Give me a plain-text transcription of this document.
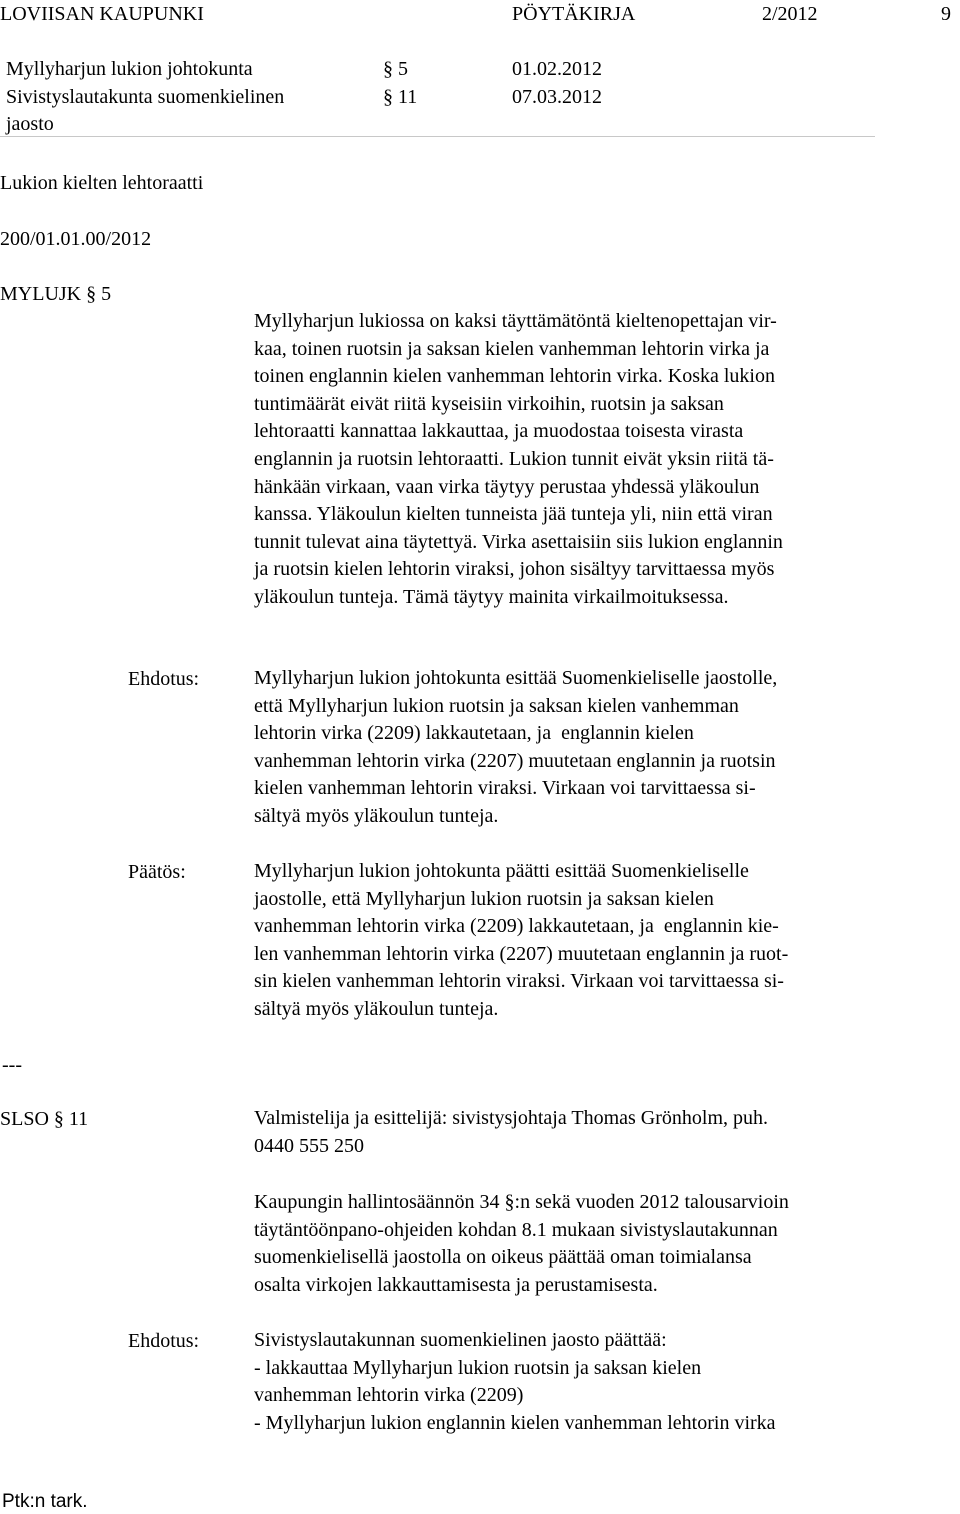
LOVIISAN KAUPUNKI	PÖYTÄKIRJA	2/2012	9
Myllyharjun lukion johtokunta	§ 5	01.02.2012
Sivistyslautakunta suomenkielinen	§ 11	07.03.2012
jaosto
Lukion kielten lehtoraatti
200/01.01.00/2012
MYLUJK § 5
Myllyharjun lukiossa on kaksi täyttämätöntä kieltenopettajan vir-
kaa, toinen ruotsin ja saksan kielen vanhemman lehtorin virka ja
toinen englannin kielen vanhemman lehtorin virka. Koska lukion
tuntimäärät eivät riitä kyseisiin virkoihin, ruotsin ja saksan
lehtoraatti kannattaa lakkauttaa, ja muodostaa toisesta virasta
englannin ja ruotsin lehtoraatti. Lukion tunnit eivät yksin riitä tä-
hänkään virkaan, vaan virka täytyy perustaa yhdessä yläkoulun
kanssa. Yläkoulun kielten tunneista jää tunteja yli, niin että viran
tunnit tulevat aina täytettyä. Virka asettaisiin siis lukion englannin
ja ruotsin kielen lehtorin viraksi, johon sisältyy tarvittaessa myös
yläkoulun tunteja. Tämä täytyy mainita virkailmoituksessa.
Ehdotus:	Myllyharjun lukion johtokunta esittää Suomenkieliselle jaostolle,
että Myllyharjun lukion ruotsin ja saksan kielen vanhemman
lehtorin virka (2209) lakkautetaan, ja  englannin kielen
vanhemman lehtorin virka (2207) muutetaan englannin ja ruotsin
kielen vanhemman lehtorin viraksi. Virkaan voi tarvittaessa si-
sältyä myös yläkoulun tunteja.
Päätös:	Myllyharjun lukion johtokunta päätti esittää Suomenkieliselle
jaostolle, että Myllyharjun lukion ruotsin ja saksan kielen
vanhemman lehtorin virka (2209) lakkautetaan, ja  englannin kie-
len vanhemman lehtorin virka (2207) muutetaan englannin ja ruot-
sin kielen vanhemman lehtorin viraksi. Virkaan voi tarvittaessa si-
sältyä myös yläkoulun tunteja.
---
SLSO § 11	Valmistelija ja esittelijä: sivistysjohtaja Thomas Grönholm, puh.
0440 555 250
Kaupungin hallintosäännön 34 §:n sekä vuoden 2012 talousarvioin
täytäntöönpano-ohjeiden kohdan 8.1 mukaan sivistyslautakunnan
suomenkielisellä jaostolla on oikeus päättää oman toimialansa
osalta virkojen lakkauttamisesta ja perustamisesta.
Ehdotus:	Sivistyslautakunnan suomenkielinen jaosto päättää:
- lakkauttaa Myllyharjun lukion ruotsin ja saksan kielen
vanhemman lehtorin virka (2209)
- Myllyharjun lukion englannin kielen vanhemman lehtorin virka
Ptk:n tark.
